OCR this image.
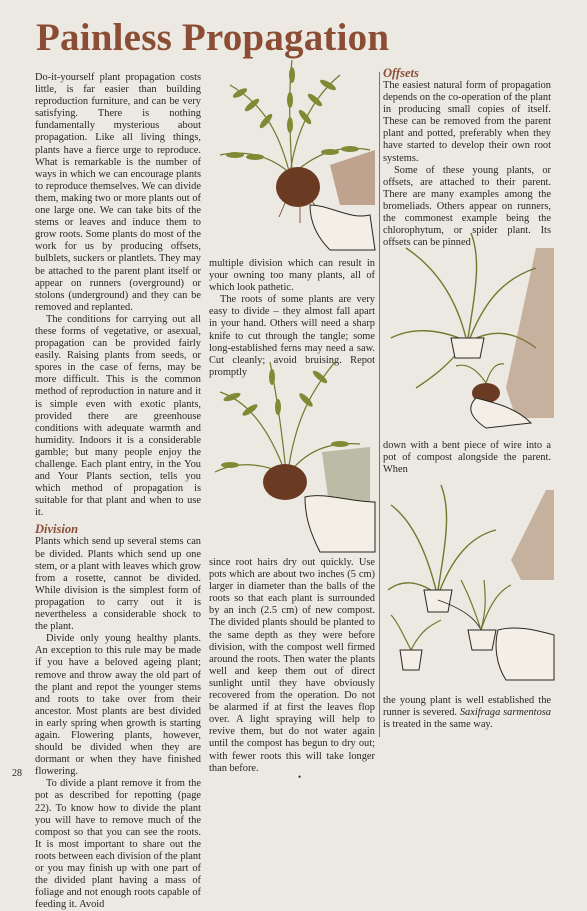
Painless Propagation

Do-it-yourself plant propagation costs little, is far easier than building reproduction furniture, and can be very satisfying. There is nothing fundamentally mysterious about propagation. Like all living things, plants have a fierce urge to reproduce. What is remarkable is the number of ways in which we can encourage plants to reproduce themselves. We can divide them, making two or more plants out of one large one. We can take bits of the stems or leaves and induce them to grow roots. Some plants do most of the work for us by producing offsets, bulblets, suckers or plantlets. They may be attached to the parent plant itself or appear on runners (overground) or stolons (underground) and they can be removed and replanted.

The conditions for carrying out all these forms of vegetative, or asexual, propagation can be provided fairly easily. Raising plants from seeds, or spores in the case of ferns, may be more difficult. This is the common method of reproduction in nature and it is simple even with exotic plants, provided there are greenhouse conditions with adequate warmth and humidity. Indoors it is a considerable gamble; but many people enjoy the challenge. Each plant entry, in the You and Your Plants section, tells you which method of propagation is suitable for that plant and when to use it.

Division

Plants which send up several stems can be divided. Plants which send up one stem, or a plant with leaves which grow from a rosette, cannot be divided. While division is the simplest form of propagation to carry out it is nevertheless a considerable shock to the plant.

Divide only young healthy plants. An exception to this rule may be made if you have a beloved ageing plant; remove and throw away the old part of the plant and repot the younger stems and roots to take over from their ancestor. Most plants are best divided in early spring when growth is starting again. Flowering plants, however, should be divided when they are dormant or when they have finished flowering.

To divide a plant remove it from the pot as described for repotting (page 22). To know how to divide the plant you will have to remove much of the compost so that you can see the roots. It is most important to share out the roots between each division of the plant or you may finish up with one part of the divided plant having a mass of foliage and not enough roots capable of feeding it. Avoid

multiple division which can result in your owning too many plants, all of which look pathetic.

The roots of some plants are very easy to divide – they almost fall apart in your hand. Others will need a sharp knife to cut through the tangle; some long-established ferns may need a saw. Cut cleanly; avoid bruising. Repot promptly

since root hairs dry out quickly. Use pots which are about two inches (5 cm) larger in diameter than the balls of the roots so that each plant is surrounded by an inch (2.5 cm) of new compost. The divided plants should be planted to the same depth as they were before division, with the compost well firmed around the roots. Then water the plants well and keep them out of direct sunlight until they have obviously recovered from the operation. Do not be alarmed if at first the leaves flop over. A light spraying will help to revive them, but do not water again until the compost has begun to dry out; with fewer roots this will take longer than before.

Offsets

The easiest natural form of propagation depends on the co-operation of the plant in producing small copies of itself. These can be removed from the parent plant and potted, preferably when they have started to develop their own root systems.

Some of these young plants, or offsets, are attached to their parent. There are many examples among the bromeliads. Others appear on runners, the commonest example being the chlorophytum, or spider plant. Its offsets can be pinned

down with a bent piece of wire into a pot of compost alongside the parent. When

the young plant is well established the runner is severed. Saxifraga sarmentosa is treated in the same way.

28	•
